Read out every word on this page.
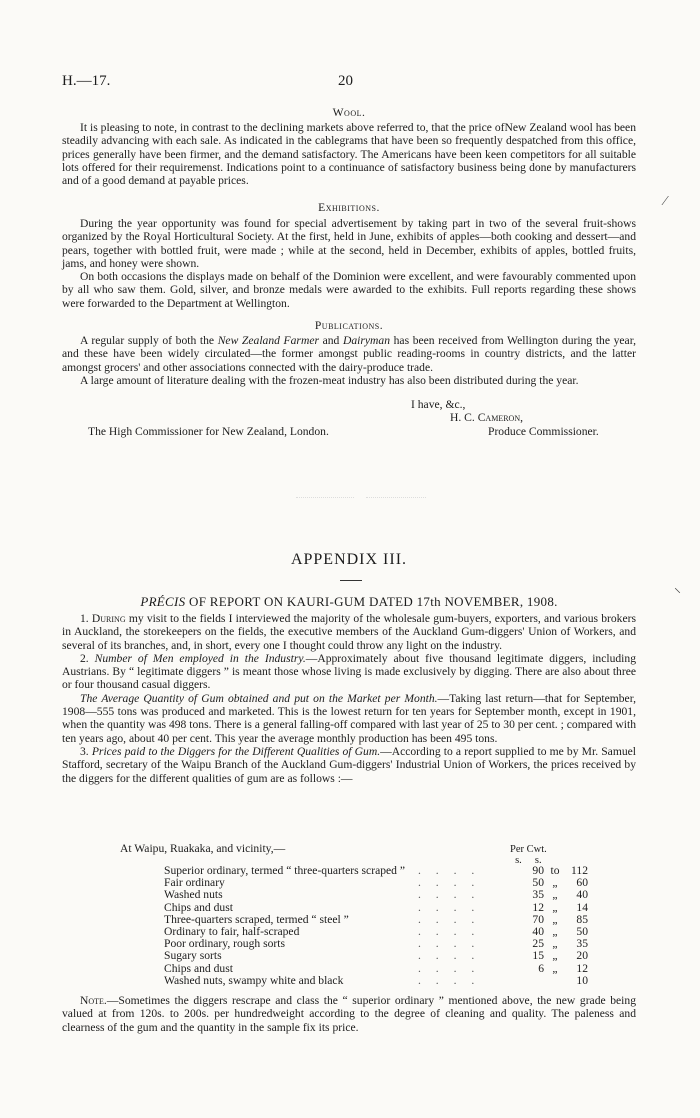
H.—17.	20
Wool.

It is pleasing to note, in contrast to the declining markets above referred to, that the price ofNew Zealand wool has been steadily advancing with each sale. As indicated in the cablegrams that have been so frequently despatched from this office, prices generally have been firmer, and the demand satisfactory. The Americans have been keen competitors for all suitable lots offered for their requiremenst. Indications point to a continuance of satisfactory business being done by manufacturers and of a good demand at payable prices.

Exhibitions.

During the year opportunity was found for special advertisement by taking part in two of the several fruit-shows organized by the Royal Horticultural Society. At the first, held in June, exhibits of apples—both cooking and dessert—and pears, together with bottled fruit, were made ; while at the second, held in December, exhibits of apples, bottled fruits, jams, and honey were shown.

On both occasions the displays made on behalf of the Dominion were excellent, and were favourably commented upon by all who saw them. Gold, silver, and bronze medals were awarded to the exhibits. Full reports regarding these shows were forwarded to the Department at Wellington.

Publications.

A regular supply of both the New Zealand Farmer and Dairyman has been received from Wellington during the year, and these have been widely circulated—the former amongst public reading-rooms in country districts, and the latter amongst grocers' and other associations connected with the dairy-produce trade.

A large amount of literature dealing with the frozen-meat industry has also been distributed during the year.

I have, &c.,
H. C. Cameron,
The High Commissioner for New Zealand, London.	Produce Commissioner.
APPENDIX III.
PRÉCIS OF REPORT ON KAURI-GUM DATED 17th NOVEMBER, 1908.

1. During my visit to the fields I interviewed the majority of the wholesale gum-buyers, exporters, and various brokers in Auckland, the storekeepers on the fields, the executive members of the Auckland Gum-diggers' Union of Workers, and several of its branches, and, in short, every one I thought could throw any light on the industry.

2. Number of Men employed in the Industry.—Approximately about five thousand legitimate diggers, including Austrians. By “ legitimate diggers ” is meant those whose living is made exclusively by digging. There are also about three or four thousand casual diggers.

The Average Quantity of Gum obtained and put on the Market per Month.—Taking last return—that for September, 1908—555 tons was produced and marketed. This is the lowest return for ten years for September month, except in 1901, when the quantity was 498 tons. There is a general falling-off compared with last year of 25 to 30 per cent. ; compared with ten years ago, about 40 per cent. This year the average monthly production has been 495 tons.

3. Prices paid to the Diggers for the Different Qualities of Gum.—According to a report supplied to me by Mr. Samuel Stafford, secretary of the Waipu Branch of the Auckland Gum-diggers' Industrial Union of Workers, the prices received by the diggers for the different qualities of gum are as follows :—

At Waipu, Ruakaka, and vicinity,—	Per Cwt.
s.     s.
Superior ordinary, termed “ three-quarters scraped ”	. . . .	90	to	112
Fair ordinary	. . . .	50	„	60
Washed nuts	. . . .	35	„	40
Chips and dust	. . . .	12	„	14
Three-quarters scraped, termed “ steel ”	. . . .	70	„	85
Ordinary to fair, half-scraped	. . . .	40	„	50
Poor ordinary, rough sorts	. . . .	25	„	35
Sugary sorts	. . . .	15	„	20
Chips and dust	. . . .	6	„	12
Washed nuts, swampy white and black	. . . .			10

Note.—Sometimes the diggers rescrape and class the “ superior ordinary ” mentioned above, the new grade being valued at from 120s. to 200s. per hundredweight according to the degree of cleaning and quality. The paleness and clearness of the gum and the quantity in the sample fix its price.

⁄
⸜
